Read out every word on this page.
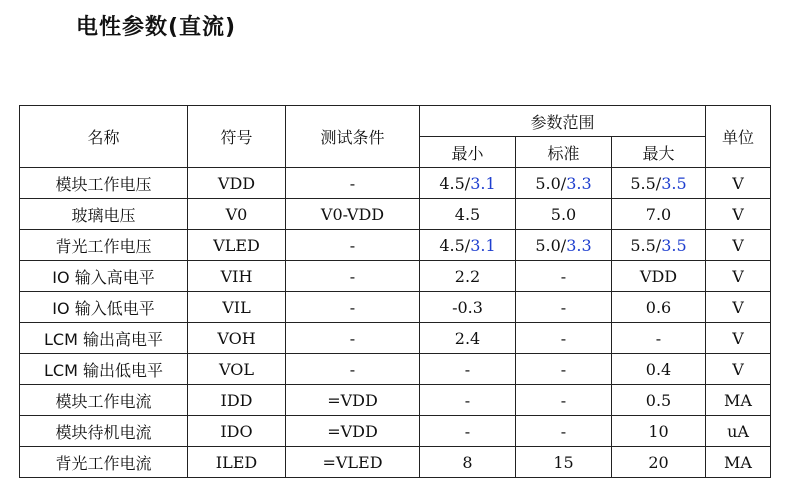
电性参数(直流)
名称	符号	测试条件	参数范围			单位
			最小	标准	最大	
模块工作电压	VDD	-	4.5/3.1	5.0/3.3	5.5/3.5	V
玻璃电压	V0	V0-VDD	4.5	5.0	7.0	V
背光工作电压	VLED	-	4.5/3.1	5.0/3.3	5.5/3.5	V
IO 输入高电平	VIH	-	2.2	-	VDD	V
IO 输入低电平	VIL	-	-0.3	-	0.6	V
LCM 输出高电平	VOH	-	2.4	-	-	V
LCM 输出低电平	VOL	-	-	-	0.4	V
模块工作电流	IDD	=VDD	-	-	0.5	MA
模块待机电流	IDO	=VDD	-	-	10	uA
背光工作电流	ILED	=VLED	8	15	20	MA
